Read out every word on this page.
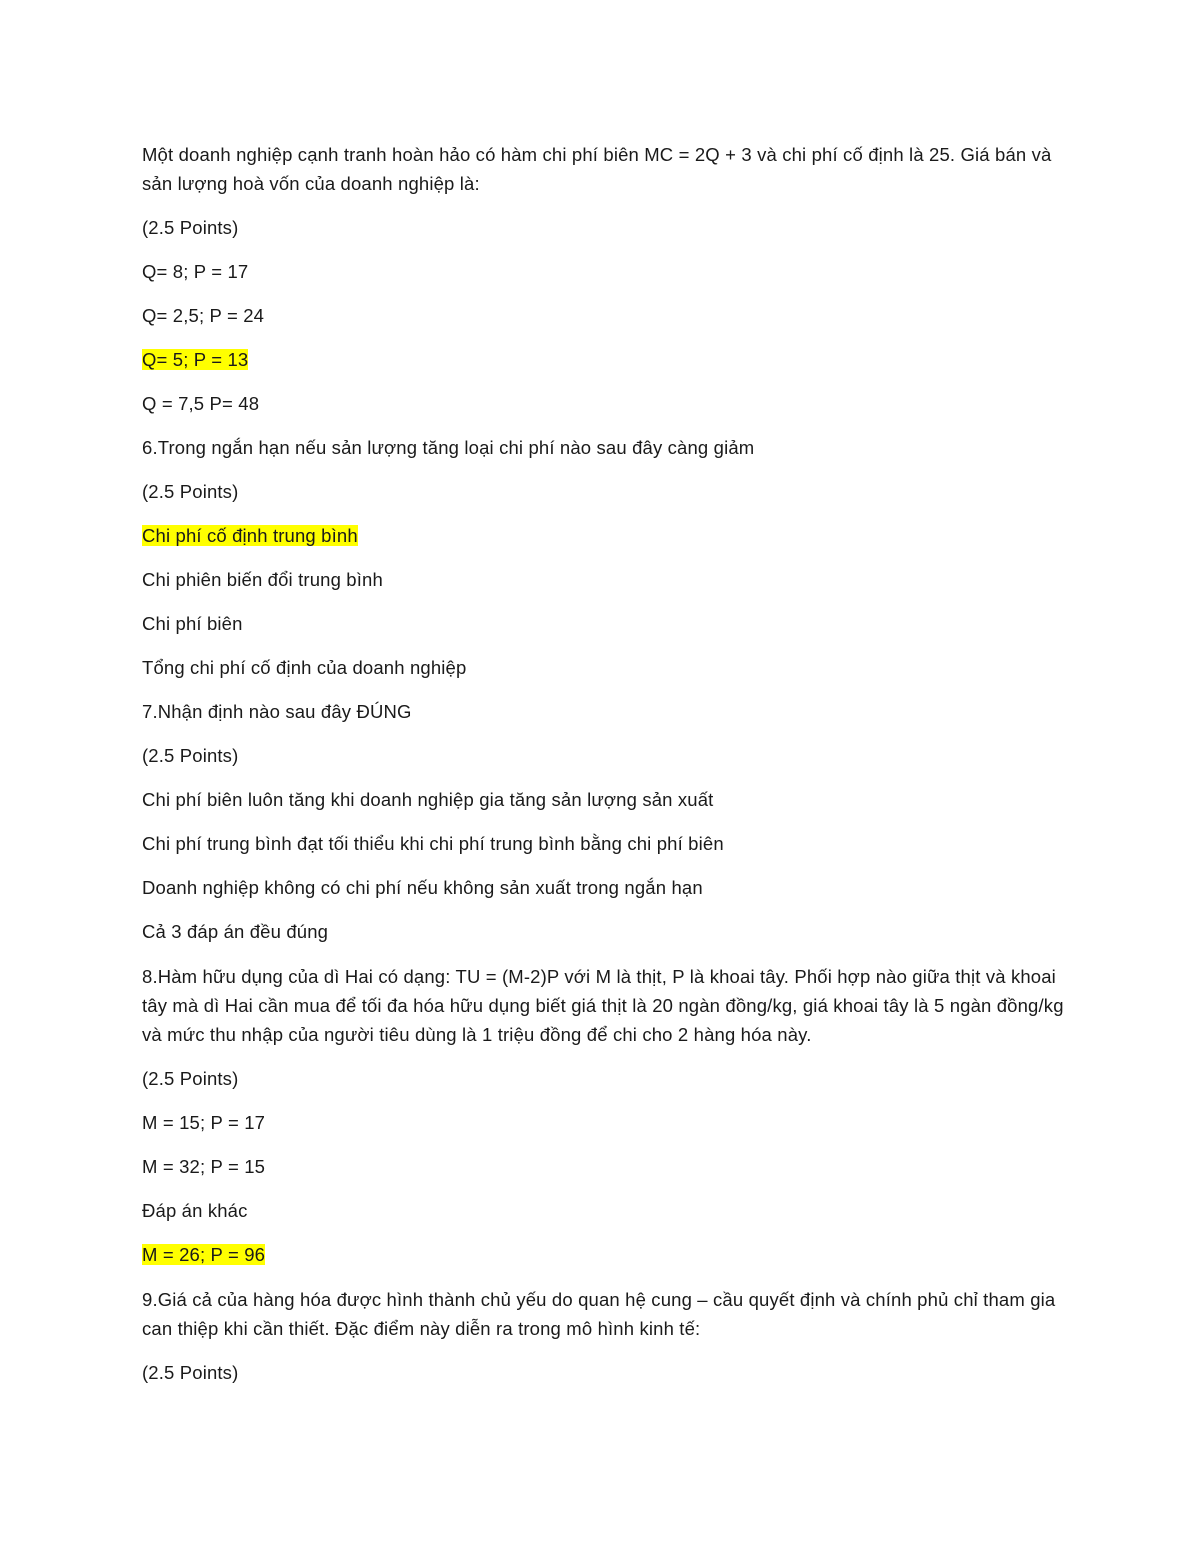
Một doanh nghiệp cạnh tranh hoàn hảo có hàm chi phí biên MC = 2Q + 3 và chi phí cố định là 25. Giá bán và sản lượng hoà vốn của doanh nghiệp là:

(2.5 Points)

Q= 8; P = 17

Q= 2,5; P = 24

Q= 5; P = 13

Q = 7,5 P= 48

6.Trong ngắn hạn nếu sản lượng tăng loại chi phí nào sau đây càng giảm

(2.5 Points)

Chi phí cố định trung bình

Chi phiên biến đổi trung bình

Chi phí biên

Tổng chi phí cố định của doanh nghiệp

7.Nhận định nào sau đây ĐÚNG

(2.5 Points)

Chi phí biên luôn tăng khi doanh nghiệp gia tăng sản lượng sản xuất

Chi phí trung bình đạt tối thiểu khi chi phí trung bình bằng chi phí biên

Doanh nghiệp không có chi phí nếu không sản xuất trong ngắn hạn

Cả 3 đáp án đều đúng

8.Hàm hữu dụng của dì Hai có dạng: TU = (M-2)P với M là thịt, P là khoai tây. Phối hợp nào giữa thịt và khoai tây mà dì Hai cần mua để tối đa hóa hữu dụng biết giá thịt là 20 ngàn đồng/kg, giá khoai tây là 5 ngàn đồng/kg và mức thu nhập của người tiêu dùng là 1 triệu đồng để chi cho 2 hàng hóa này.

(2.5 Points)

M = 15; P = 17

M = 32; P = 15

Đáp án khác

M = 26; P = 96

9.Giá cả của hàng hóa được hình thành chủ yếu do quan hệ cung – cầu quyết định và chính phủ chỉ tham gia can thiệp khi cần thiết. Đặc điểm này diễn ra trong mô hình kinh tế:

(2.5 Points)
